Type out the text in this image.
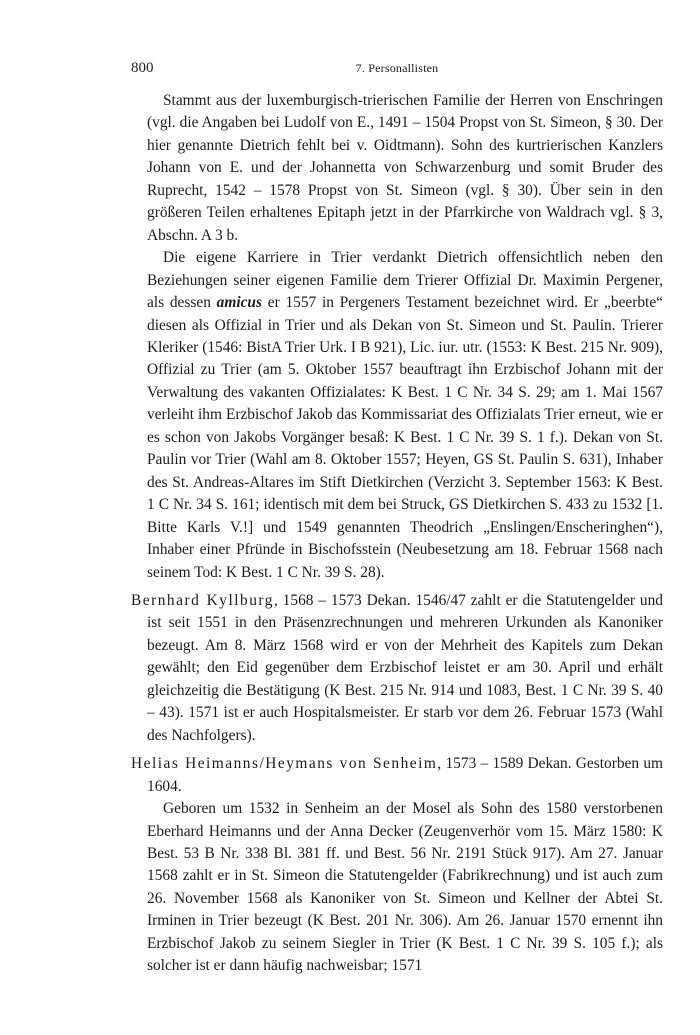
800	7. Personallisten

Stammt aus der luxemburgisch-trierischen Familie der Herren von Enschringen (vgl. die Angaben bei Ludolf von E., 1491 – 1504 Propst von St. Simeon, § 30. Der hier genannte Dietrich fehlt bei v. Oidtmann). Sohn des kurtrierischen Kanzlers Johann von E. und der Johannetta von Schwarzenburg und somit Bruder des Ruprecht, 1542 – 1578 Propst von St. Simeon (vgl. § 30). Über sein in den größeren Teilen erhaltenes Epitaph jetzt in der Pfarrkirche von Waldrach vgl. § 3, Abschn. A 3 b.

Die eigene Karriere in Trier verdankt Dietrich offensichtlich neben den Beziehungen seiner eigenen Familie dem Trierer Offizial Dr. Maximin Pergener, als dessen amicus er 1557 in Pergeners Testament bezeichnet wird. Er „beerbte“ diesen als Offizial in Trier und als Dekan von St. Simeon und St. Paulin. Trierer Kleriker (1546: BistA Trier Urk. I B 921), Lic. iur. utr. (1553: K Best. 215 Nr. 909), Offizial zu Trier (am 5. Oktober 1557 beauftragt ihn Erzbischof Johann mit der Verwaltung des vakanten Offizialates: K Best. 1 C Nr. 34 S. 29; am 1. Mai 1567 verleiht ihm Erzbischof Jakob das Kommissariat des Offizialats Trier erneut, wie er es schon von Jakobs Vorgänger besaß: K Best. 1 C Nr. 39 S. 1 f.). Dekan von St. Paulin vor Trier (Wahl am 8. Oktober 1557; Heyen, GS St. Paulin S. 631), Inhaber des St. Andreas-Altares im Stift Dietkirchen (Verzicht 3. September 1563: K Best. 1 C Nr. 34 S. 161; identisch mit dem bei Struck, GS Dietkirchen S. 433 zu 1532 [1. Bitte Karls V.!] und 1549 genannten Theodrich „Enslingen/Enscheringhen“), Inhaber einer Pfründe in Bischofsstein (Neubesetzung am 18. Februar 1568 nach seinem Tod: K Best. 1 C Nr. 39 S. 28).

Bernhard Kyllburg, 1568 – 1573 Dekan. 1546/47 zahlt er die Statutengelder und ist seit 1551 in den Präsenzrechnungen und mehreren Urkunden als Kanoniker bezeugt. Am 8. März 1568 wird er von der Mehrheit des Kapitels zum Dekan gewählt; den Eid gegenüber dem Erzbischof leistet er am 30. April und erhält gleichzeitig die Bestätigung (K Best. 215 Nr. 914 und 1083, Best. 1 C Nr. 39 S. 40 – 43). 1571 ist er auch Hospitalsmeister. Er starb vor dem 26. Februar 1573 (Wahl des Nachfolgers).

Helias Heimanns/Heymans von Senheim, 1573 – 1589 Dekan. Gestorben um 1604.

Geboren um 1532 in Senheim an der Mosel als Sohn des 1580 verstorbenen Eberhard Heimanns und der Anna Decker (Zeugenverhör vom 15. März 1580: K Best. 53 B Nr. 338 Bl. 381 ff. und Best. 56 Nr. 2191 Stück 917). Am 27. Januar 1568 zahlt er in St. Simeon die Statutengelder (Fabrikrechnung) und ist auch zum 26. November 1568 als Kanoniker von St. Simeon und Kellner der Abtei St. Irminen in Trier bezeugt (K Best. 201 Nr. 306). Am 26. Januar 1570 ernennt ihn Erzbischof Jakob zu seinem Siegler in Trier (K Best. 1 C Nr. 39 S. 105 f.); als solcher ist er dann häufig nachweisbar; 1571
